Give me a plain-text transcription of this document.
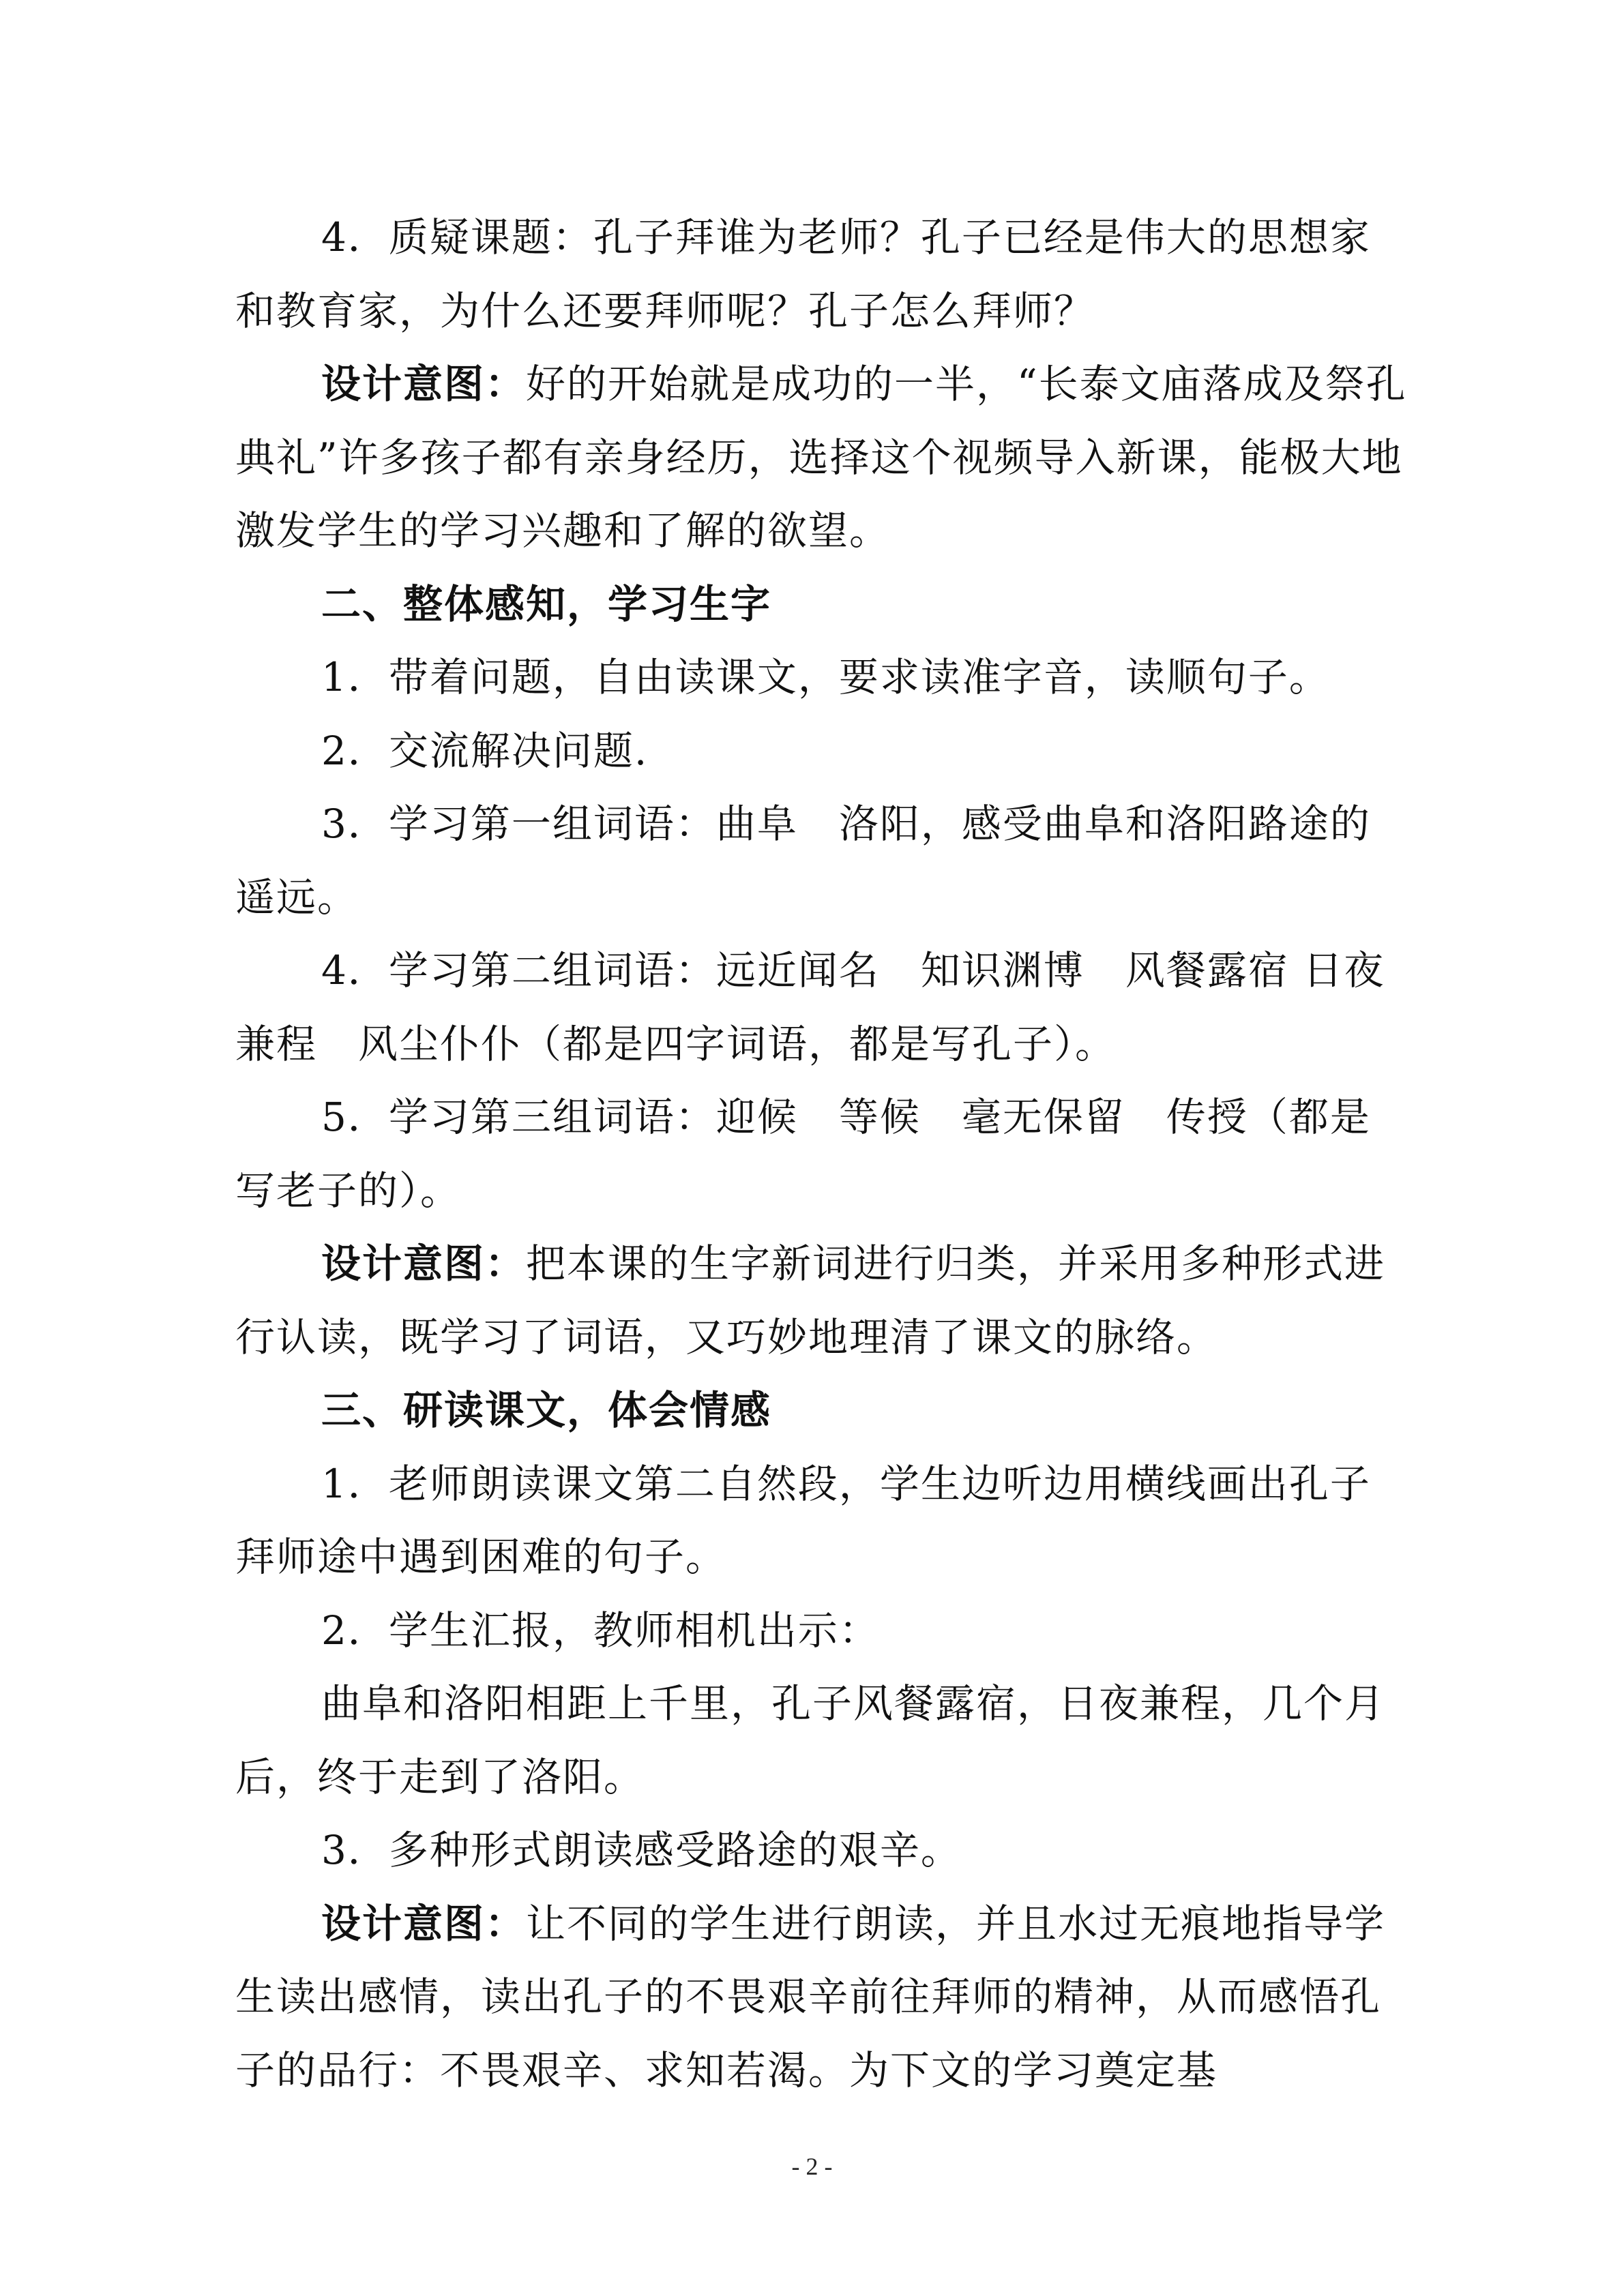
4．质疑课题：孔子拜谁为老师？孔子已经是伟大的思想家和教育家，为什么还要拜师呢？孔子怎么拜师？

设计意图：好的开始就是成功的一半，“长泰文庙落成及祭孔典礼”许多孩子都有亲身经历，选择这个视频导入新课，能极大地激发学生的学习兴趣和了解的欲望。

二、整体感知，学习生字

1．带着问题，自由读课文，要求读准字音，读顺句子。

2．交流解决问题.

3．学习第一组词语：曲阜　洛阳，感受曲阜和洛阳路途的遥远。

4．学习第二组词语：远近闻名　知识渊博　风餐露宿 日夜兼程　风尘仆仆（都是四字词语，都是写孔子）。

5．学习第三组词语：迎候　等候　毫无保留　传授（都是写老子的）。

设计意图：把本课的生字新词进行归类，并采用多种形式进行认读，既学习了词语，又巧妙地理清了课文的脉络。

三、研读课文，体会情感

1．老师朗读课文第二自然段，学生边听边用横线画出孔子拜师途中遇到困难的句子。

2．学生汇报，教师相机出示：

曲阜和洛阳相距上千里，孔子风餐露宿，日夜兼程，几个月后，终于走到了洛阳。

3．多种形式朗读感受路途的艰辛。

设计意图：让不同的学生进行朗读，并且水过无痕地指导学生读出感情，读出孔子的不畏艰辛前往拜师的精神，从而感悟孔子的品行：不畏艰辛、求知若渴。为下文的学习奠定基

- 2 -
